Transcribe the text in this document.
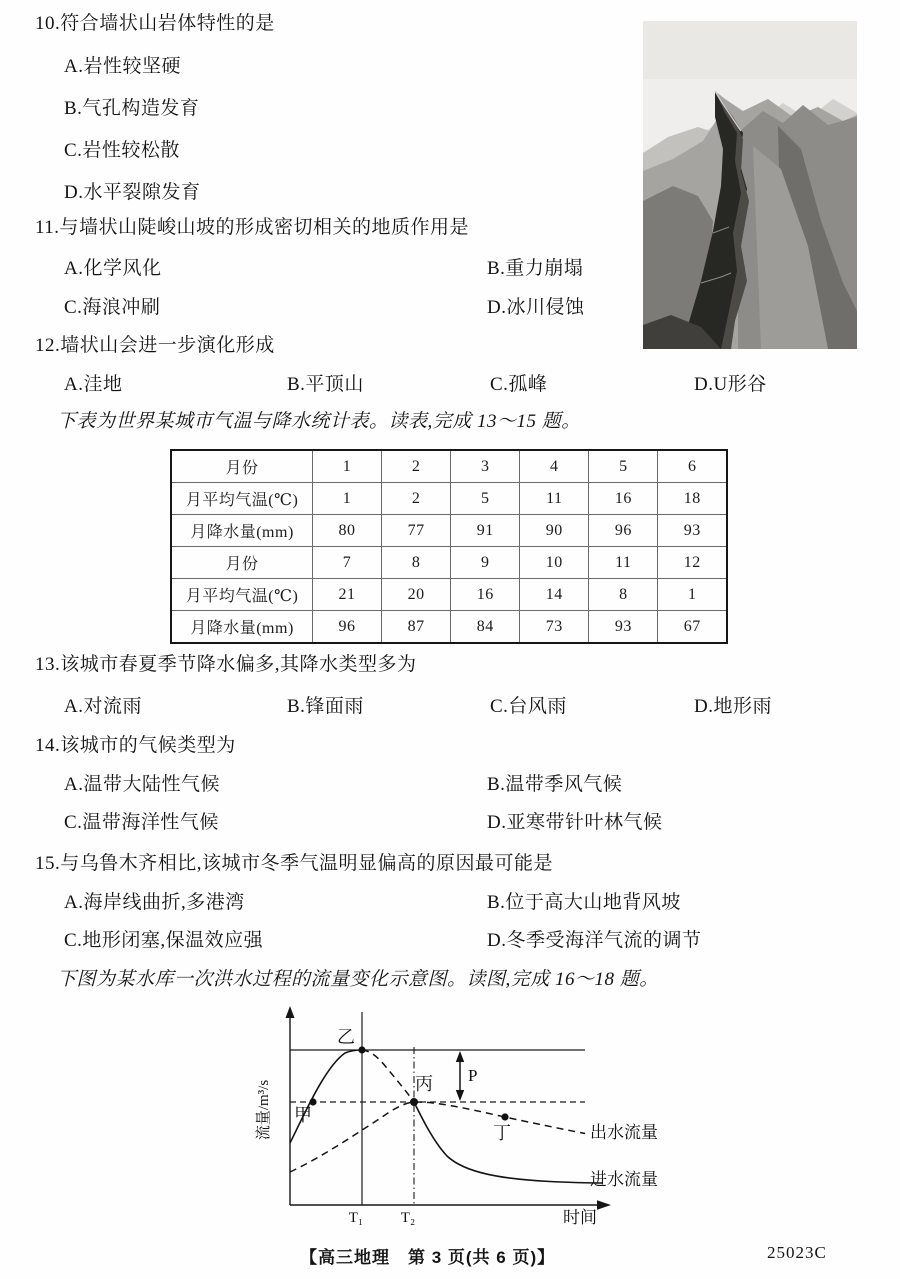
10.符合墙状山岩体特性的是
A.岩性较坚硬
B.气孔构造发育
C.岩性较松散
D.水平裂隙发育
11.与墙状山陡峻山坡的形成密切相关的地质作用是
A.化学风化	B.重力崩塌
C.海浪冲刷	D.冰川侵蚀
12.墙状山会进一步演化形成
A.洼地	B.平顶山	C.孤峰	D.U形谷
下表为世界某城市气温与降水统计表。读表,完成 13～15 题。
月份	1	2	3	4	5	6
月平均气温(℃)	1	2	5	11	16	18
月降水量(mm)	80	77	91	90	96	93
月份	7	8	9	10	11	12
月平均气温(℃)	21	20	16	14	8	1
月降水量(mm)	96	87	84	73	93	67
13.该城市春夏季节降水偏多,其降水类型多为
A.对流雨	B.锋面雨	C.台风雨	D.地形雨
14.该城市的气候类型为
A.温带大陆性气候	B.温带季风气候
C.温带海洋性气候	D.亚寒带针叶林气候
15.与乌鲁木齐相比,该城市冬季气温明显偏高的原因最可能是
A.海岸线曲折,多港湾	B.位于高大山地背风坡
C.地形闭塞,保温效应强	D.冬季受海洋气流的调节
下图为某水库一次洪水过程的流量变化示意图。读图,完成 16～18 题。
甲
乙
丙
丁
P
出水流量
进水流量
T₁	T₂	时间
流量/m³/s
【高三地理　第 3 页(共 6 页)】	25023C
